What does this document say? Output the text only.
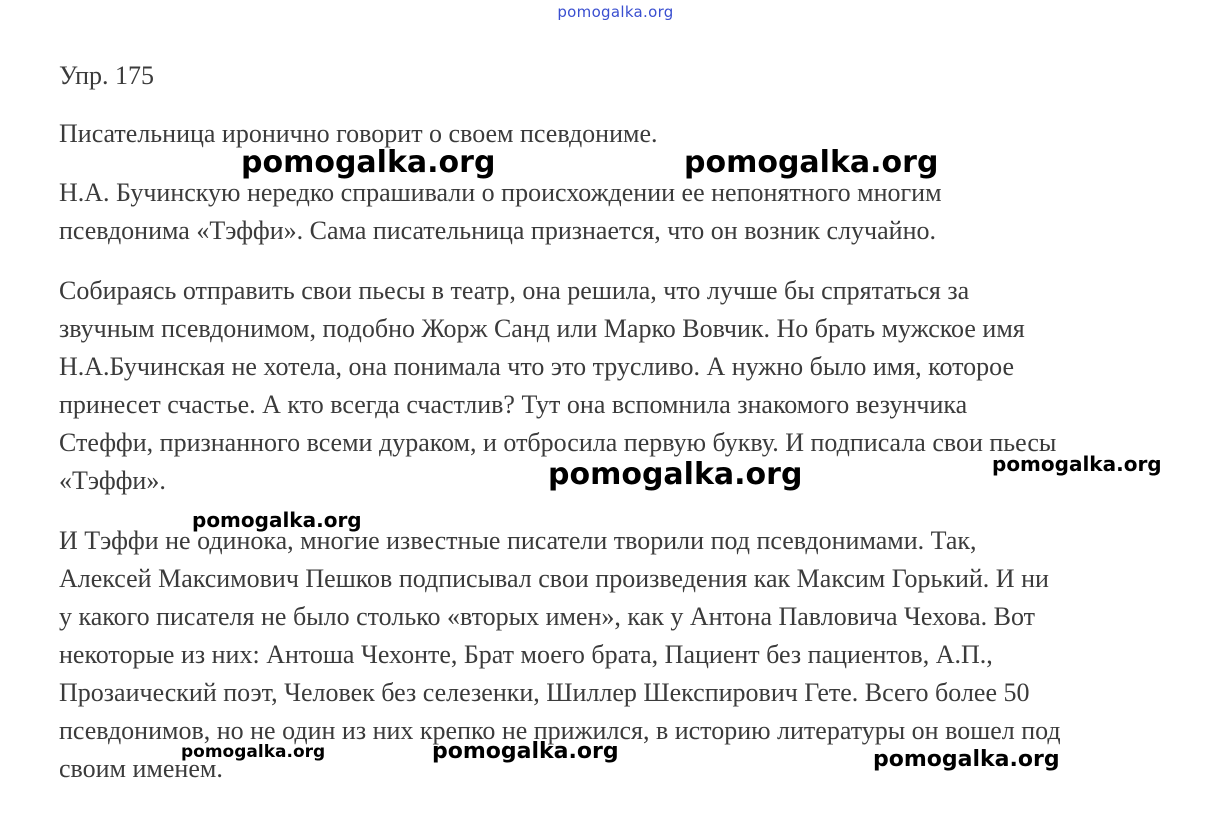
pomogalka.org
Упр. 175
Писательница иронично говорит о своем псевдониме.
Н.А. Бучинскую нередко спрашивали о происхождении ее непонятного многим
псевдонима «Тэффи». Сама писательница признается, что он возник случайно.
Собираясь отправить свои пьесы в театр, она решила, что лучше бы спрятаться за
звучным псевдонимом, подобно Жорж Санд или Марко Вовчик. Но брать мужское имя
Н.А.Бучинская не хотела, она понимала что это трусливо. А нужно было имя, которое
принесет счастье. А кто всегда счастлив? Тут она вспомнила знакомого везунчика
Стеффи, признанного всеми дураком, и отбросила первую букву. И подписала свои пьесы
«Тэффи».
И Тэффи не одинока, многие известные писатели творили под псевдонимами. Так,
Алексей Максимович Пешков подписывал свои произведения как Максим Горький. И ни
у какого писателя не было столько «вторых имен», как у Антона Павловича Чехова. Вот
некоторые из них: Антоша Чехонте, Брат моего брата, Пациент без пациентов, А.П.,
Прозаический поэт, Человек без селезенки, Шиллер Шекспирович Гете. Всего более 50
псевдонимов, но не один из них крепко не прижился, в историю литературы он вошел под
своим именем.
pomogalka.org	pomogalka.org
pomogalka.org	pomogalka.org
pomogalka.org
pomogalka.org	pomogalka.org	pomogalka.org
